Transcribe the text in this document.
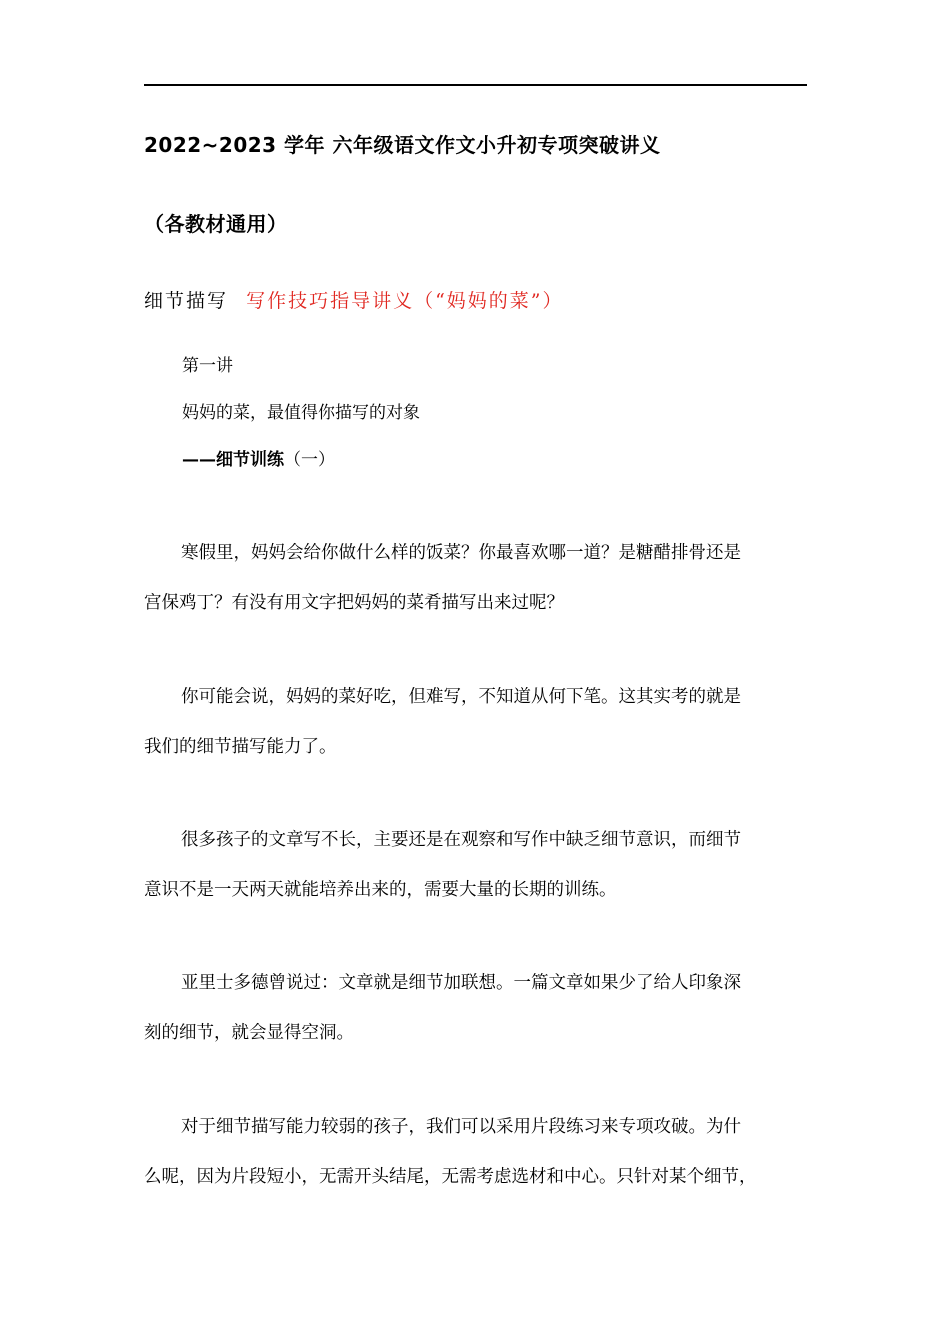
2022~2023 学年 六年级语文作文小升初专项突破讲义
（各教材通用）
细节描写 写作技巧指导讲义（“妈妈的菜”）
第一讲
妈妈的菜，最值得你描写的对象
——细节训练（一）
寒假里，妈妈会给你做什么样的饭菜？你最喜欢哪一道？是糖醋排骨还是
宫保鸡丁？有没有用文字把妈妈的菜肴描写出来过呢？
你可能会说，妈妈的菜好吃，但难写，不知道从何下笔。这其实考的就是
我们的细节描写能力了。
很多孩子的文章写不长，主要还是在观察和写作中缺乏细节意识，而细节
意识不是一天两天就能培养出来的，需要大量的长期的训练。
亚里士多德曾说过：文章就是细节加联想。一篇文章如果少了给人印象深
刻的细节，就会显得空洞。
对于细节描写能力较弱的孩子，我们可以采用片段练习来专项攻破。为什
么呢，因为片段短小，无需开头结尾，无需考虑选材和中心。只针对某个细节，
